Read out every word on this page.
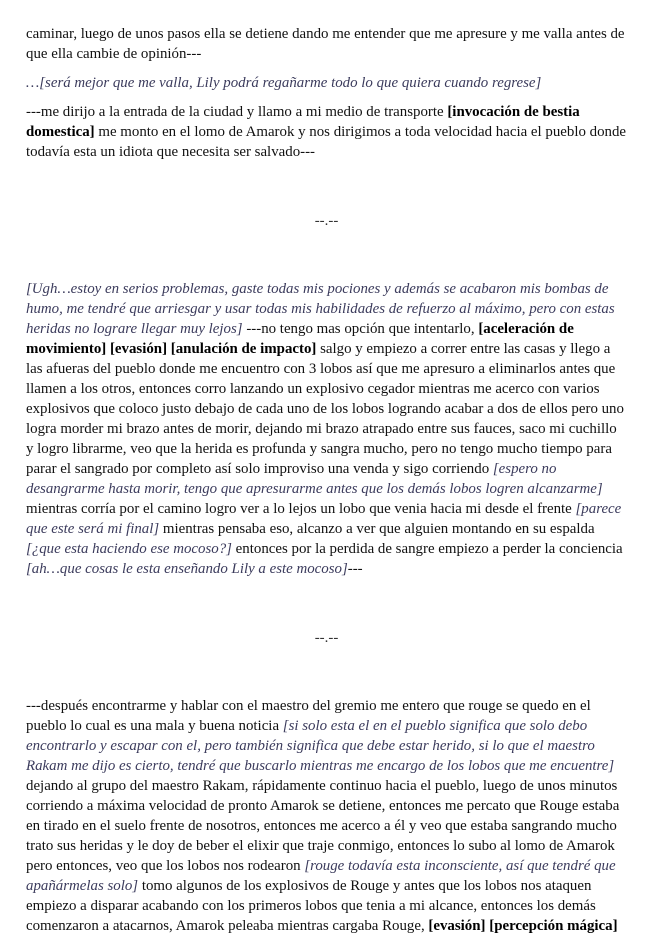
caminar, luego de unos pasos ella se detiene dando me entender que me apresure y me valla antes de que ella cambie de opinión---

…[será mejor que me valla, Lily podrá regañarme todo lo que quiera cuando regrese]

---me dirijo a la entrada de la ciudad y llamo a mi medio de transporte [invocación de bestia domestica] me monto en el lomo de Amarok y nos dirigimos a toda velocidad hacia el pueblo donde todavía esta un idiota que necesita ser salvado---

--.--

[Ugh…estoy en serios problemas, gaste todas mis pociones y además se acabaron mis bombas de humo, me tendré que arriesgar y usar todas mis habilidades de refuerzo al máximo, pero con estas heridas no lograre llegar muy lejos] ---no tengo mas opción que intentarlo, [aceleración de movimiento] [evasión] [anulación de impacto] salgo y empiezo a correr entre las casas y llego a las afueras del pueblo donde me encuentro con 3 lobos así que me apresuro a eliminarlos antes que llamen a los otros, entonces corro lanzando un explosivo cegador mientras me acerco con varios explosivos que coloco justo debajo de cada uno de los lobos logrando acabar a dos de ellos pero uno logra morder mi brazo antes de morir, dejando mi brazo atrapado entre sus fauces, saco mi cuchillo y logro librarme, veo que la herida es profunda y sangra mucho, pero no tengo mucho tiempo para parar el sangrado por completo así solo improviso una venda y sigo corriendo [espero no desangrarme hasta morir, tengo que apresurarme antes que los demás lobos logren alcanzarme] mientras corría por el camino logro ver a lo lejos un lobo que venia hacia mi desde el frente [parece que este será mi final] mientras pensaba eso, alcanzo a ver que alguien montando en su espalda [¿que esta haciendo ese mocoso?] entonces por la perdida de sangre empiezo a perder la conciencia [ah…que cosas le esta enseñando Lily a este mocoso]---

--.--

---después encontrarme y hablar con el maestro del gremio me entero que rouge se quedo en el pueblo lo cual es una mala y buena noticia [si solo esta el en el pueblo significa que solo debo encontrarlo y escapar con el, pero también significa que debe estar herido, si lo que el maestro Rakam me dijo es cierto, tendré que buscarlo mientras me encargo de los lobos que me encuentre] dejando al grupo del maestro Rakam, rápidamente continuo hacia el pueblo, luego de unos minutos corriendo a máxima velocidad de pronto Amarok se detiene, entonces me percato que Rouge estaba en tirado en el suelo frente de nosotros, entonces me acerco a él y veo que estaba sangrando mucho trato sus heridas y le doy de beber el elixir que traje conmigo, entonces lo subo al lomo de Amarok pero entonces, veo que los lobos nos rodearon [rouge todavía esta inconsciente, así que tendré que apañármelas solo] tomo algunos de los explosivos de Rouge y antes que los lobos nos ataquen empiezo a disparar acabando con los primeros lobos que tenia a mi alcance, entonces los demás comenzaron a atacarnos, Amarok peleaba mientras cargaba Rouge, [evasión] [percepción mágica]
